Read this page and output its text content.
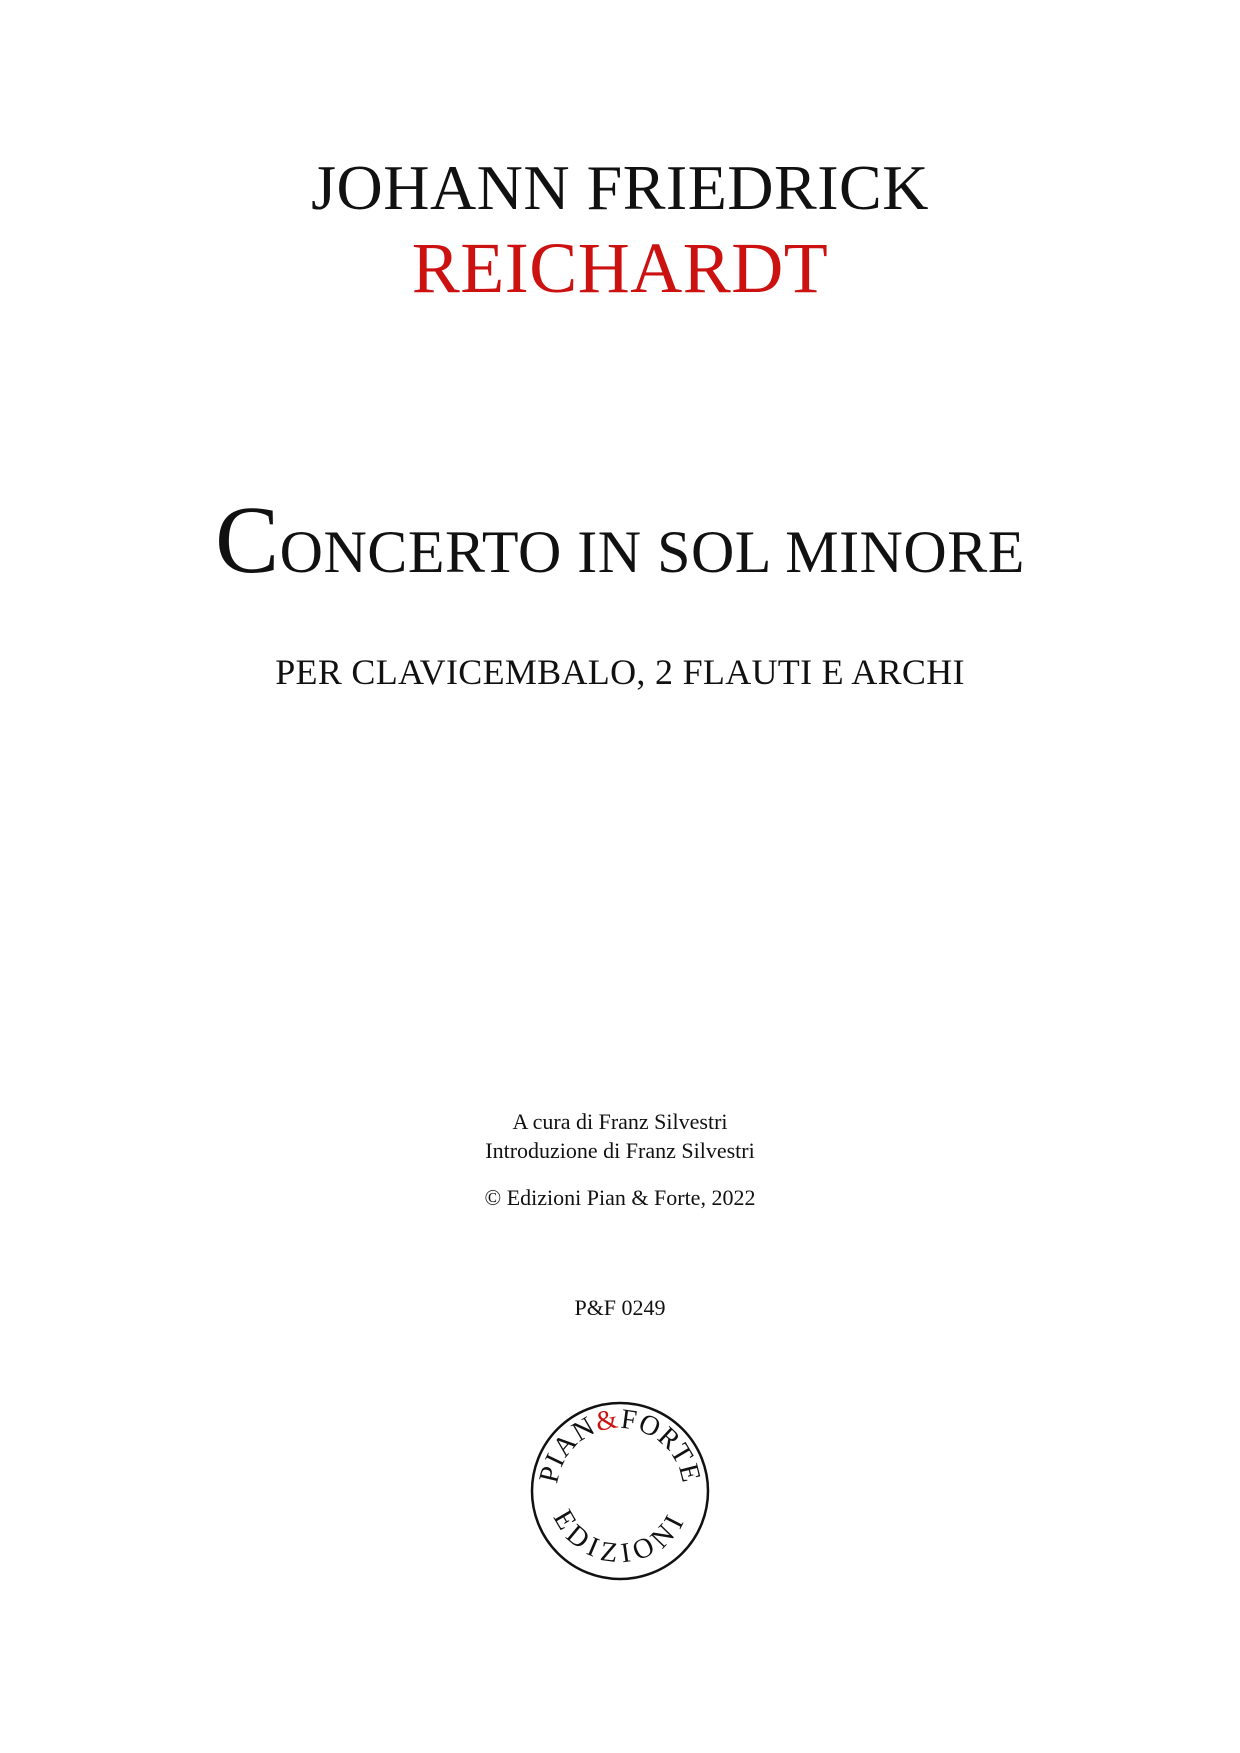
JOHANN FRIEDRICK
REICHARDT
CONCERTO IN SOL MINORE
PER CLAVICEMBALO, 2 FLAUTI E ARCHI
A cura di Franz Silvestri
Introduzione di Franz Silvestri
© Edizioni Pian & Forte, 2022
P&F 0249
PIAN&FORTE
EDIZIONI
